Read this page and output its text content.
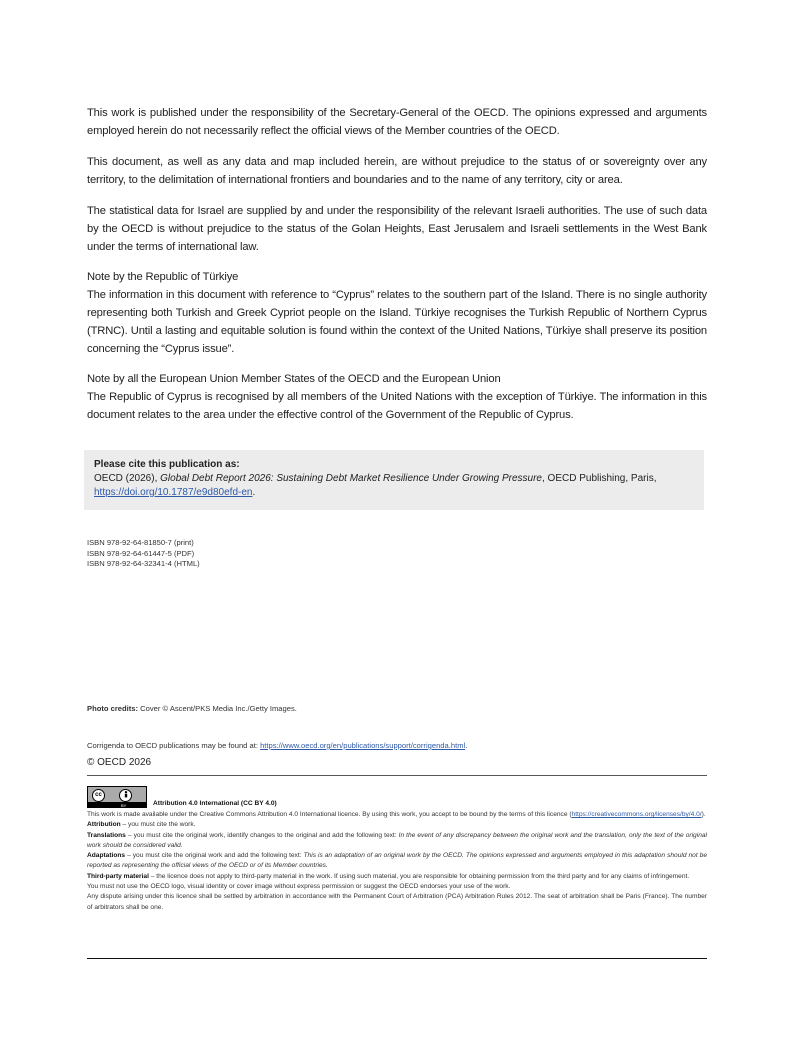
This work is published under the responsibility of the Secretary-General of the OECD. The opinions expressed and arguments employed herein do not necessarily reflect the official views of the Member countries of the OECD.

This document, as well as any data and map included herein, are without prejudice to the status of or sovereignty over any territory, to the delimitation of international frontiers and boundaries and to the name of any territory, city or area.

The statistical data for Israel are supplied by and under the responsibility of the relevant Israeli authorities. The use of such data by the OECD is without prejudice to the status of the Golan Heights, East Jerusalem and Israeli settlements in the West Bank under the terms of international law.

Note by the Republic of Türkiye

The information in this document with reference to “Cyprus” relates to the southern part of the Island. There is no single authority representing both Turkish and Greek Cypriot people on the Island. Türkiye recognises the Turkish Republic of Northern Cyprus (TRNC). Until a lasting and equitable solution is found within the context of the United Nations, Türkiye shall preserve its position concerning the “Cyprus issue”.

Note by all the European Union Member States of the OECD and the European Union

The Republic of Cyprus is recognised by all members of the United Nations with the exception of Türkiye. The information in this document relates to the area under the effective control of the Government of the Republic of Cyprus.

Please cite this publication as:
OECD (2026), Global Debt Report 2026: Sustaining Debt Market Resilience Under Growing Pressure, OECD Publishing, Paris,
https://doi.org/10.1787/e9d80efd-en.
ISBN 978-92-64-81850-7 (print)
ISBN 978-92-64-61447-5 (PDF)
ISBN 978-92-64-32341-4 (HTML)
Photo credits: Cover © Ascent/PKS Media Inc./Getty Images.
Corrigenda to OECD publications may be found at: https://www.oecd.org/en/publications/support/corrigenda.html.
© OECD 2026
cc
BY	Attribution 4.0 International (CC BY 4.0)

This work is made available under the Creative Commons Attribution 4.0 International licence. By using this work, you accept to be bound by the terms of this licence (https://creativecommons.org/licenses/by/4.0/).

Attribution – you must cite the work.

Translations – you must cite the original work, identify changes to the original and add the following text: In the event of any discrepancy between the original work and the translation, only the text of the original work should be considered valid.

Adaptations – you must cite the original work and add the following text: This is an adaptation of an original work by the OECD. The opinions expressed and arguments employed in this adaptation should not be reported as representing the official views of the OECD or of its Member countries.

Third-party material – the licence does not apply to third-party material in the work. If using such material, you are responsible for obtaining permission from the third party and for any claims of infringement.

You must not use the OECD logo, visual identity or cover image without express permission or suggest the OECD endorses your use of the work.

Any dispute arising under this licence shall be settled by arbitration in accordance with the Permanent Court of Arbitration (PCA) Arbitration Rules 2012. The seat of arbitration shall be Paris (France). The number of arbitrators shall be one.
